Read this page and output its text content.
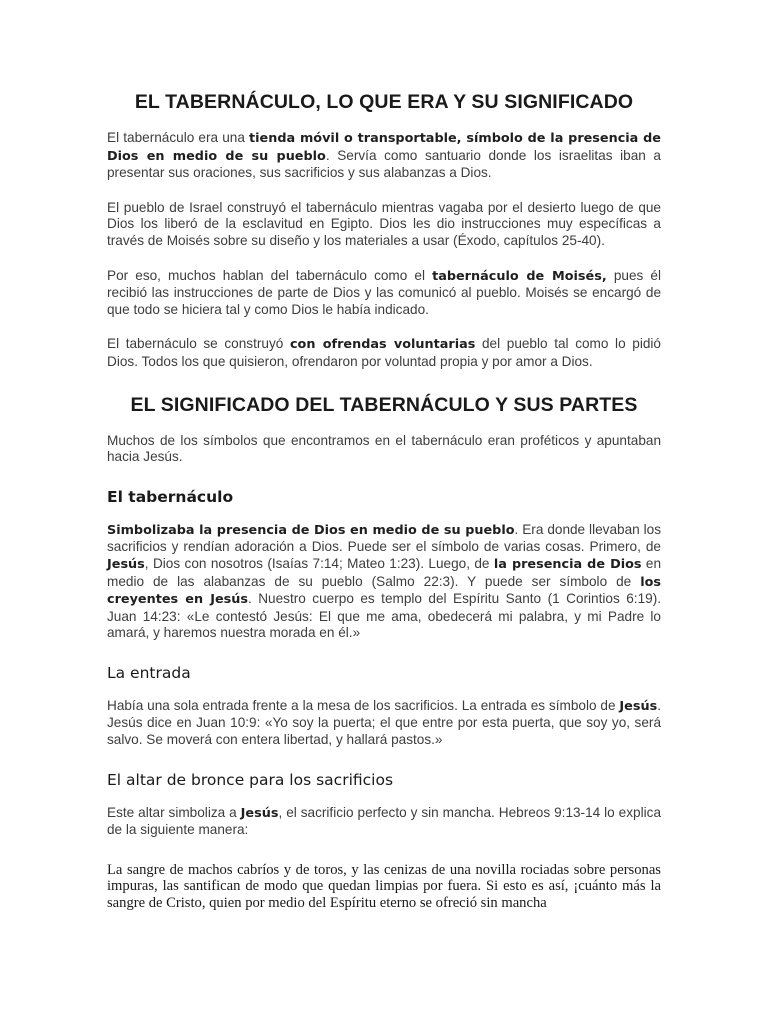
EL TABERNÁCULO, LO QUE ERA Y SU SIGNIFICADO

El tabernáculo era una tienda móvil o transportable, símbolo de la presencia de Dios en medio de su pueblo. Servía como santuario donde los israelitas iban a presentar sus oraciones, sus sacrificios y sus alabanzas a Dios.

El pueblo de Israel construyó el tabernáculo mientras vagaba por el desierto luego de que Dios los liberó de la esclavitud en Egipto. Dios les dio instrucciones muy específicas a través de Moisés sobre su diseño y los materiales a usar (Éxodo, capítulos 25-40).

Por eso, muchos hablan del tabernáculo como el tabernáculo de Moisés, pues él recibió las instrucciones de parte de Dios y las comunicó al pueblo. Moisés se encargó de que todo se hiciera tal y como Dios le había indicado.

El tabernáculo se construyó con ofrendas voluntarias del pueblo tal como lo pidió Dios. Todos los que quisieron, ofrendaron por voluntad propia y por amor a Dios.

EL SIGNIFICADO DEL TABERNÁCULO Y SUS PARTES

Muchos de los símbolos que encontramos en el tabernáculo eran proféticos y apuntaban hacia Jesús.

El tabernáculo

Simbolizaba la presencia de Dios en medio de su pueblo. Era donde llevaban los sacrificios y rendían adoración a Dios. Puede ser el símbolo de varias cosas. Primero, de Jesús, Dios con nosotros (Isaías 7:14; Mateo 1:23). Luego, de la presencia de Dios en medio de las alabanzas de su pueblo (Salmo 22:3). Y puede ser símbolo de los creyentes en Jesús. Nuestro cuerpo es templo del Espíritu Santo (1 Corintios 6:19). Juan 14:23: «Le contestó Jesús: El que me ama, obedecerá mi palabra, y mi Padre lo amará, y haremos nuestra morada en él.»

La entrada

Había una sola entrada frente a la mesa de los sacrificios. La entrada es símbolo de Jesús. Jesús dice en Juan 10:9: «Yo soy la puerta; el que entre por esta puerta, que soy yo, será salvo. Se moverá con entera libertad, y hallará pastos.»

El altar de bronce para los sacrificios

Este altar simboliza a Jesús, el sacrificio perfecto y sin mancha. Hebreos 9:13-14 lo explica de la siguiente manera:

La sangre de machos cabríos y de toros, y las cenizas de una novilla rociadas sobre personas impuras, las santifican de modo que quedan limpias por fuera. Si esto es así, ¡cuánto más la sangre de Cristo, quien por medio del Espíritu eterno se ofreció sin mancha
